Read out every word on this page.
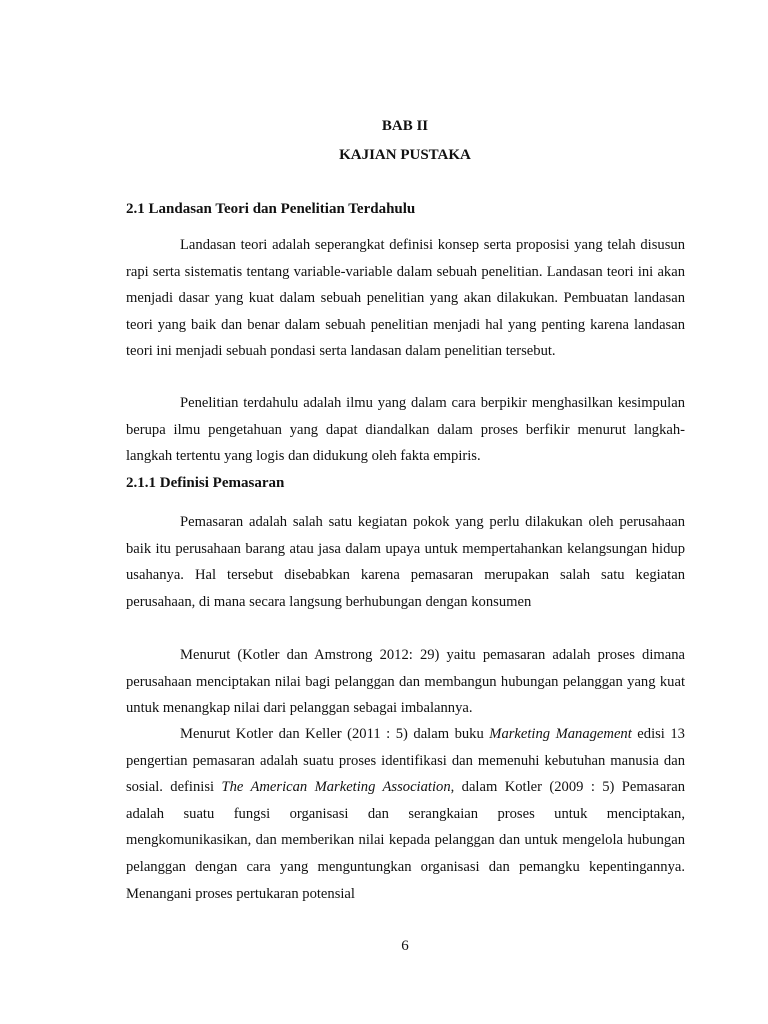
BAB II
KAJIAN PUSTAKA
2.1 Landasan Teori dan Penelitian Terdahulu

Landasan teori adalah seperangkat definisi konsep serta proposisi yang telah disusun rapi serta sistematis tentang variable-variable dalam sebuah penelitian. Landasan teori ini akan menjadi dasar yang kuat dalam sebuah penelitian yang akan dilakukan. Pembuatan landasan teori yang baik dan benar dalam sebuah penelitian menjadi hal yang penting karena landasan teori ini menjadi sebuah pondasi serta landasan dalam penelitian tersebut.

Penelitian terdahulu adalah ilmu yang dalam cara berpikir menghasilkan kesimpulan berupa ilmu pengetahuan yang dapat diandalkan dalam proses berfikir menurut langkah-langkah tertentu yang logis dan didukung oleh fakta empiris.

2.1.1 Definisi Pemasaran

Pemasaran adalah salah satu kegiatan pokok yang perlu dilakukan oleh perusahaan baik itu perusahaan barang atau jasa dalam upaya untuk mempertahankan kelangsungan hidup usahanya. Hal tersebut disebabkan karena pemasaran merupakan salah satu kegiatan perusahaan, di mana secara langsung berhubungan dengan konsumen

Menurut (Kotler dan Amstrong 2012: 29) yaitu pemasaran adalah proses dimana perusahaan menciptakan nilai bagi pelanggan dan membangun hubungan pelanggan yang kuat untuk menangkap nilai dari pelanggan sebagai imbalannya.

Menurut Kotler dan Keller (2011 : 5) dalam buku Marketing Management edisi 13 pengertian pemasaran adalah suatu proses identifikasi dan memenuhi kebutuhan manusia dan sosial. definisi The American Marketing Association, dalam Kotler (2009 : 5) Pemasaran adalah suatu fungsi organisasi dan serangkaian proses untuk menciptakan, mengkomunikasikan, dan memberikan nilai kepada pelanggan dan untuk mengelola hubungan pelanggan dengan cara yang menguntungkan organisasi dan pemangku kepentingannya. Menangani proses pertukaran potensial

6
